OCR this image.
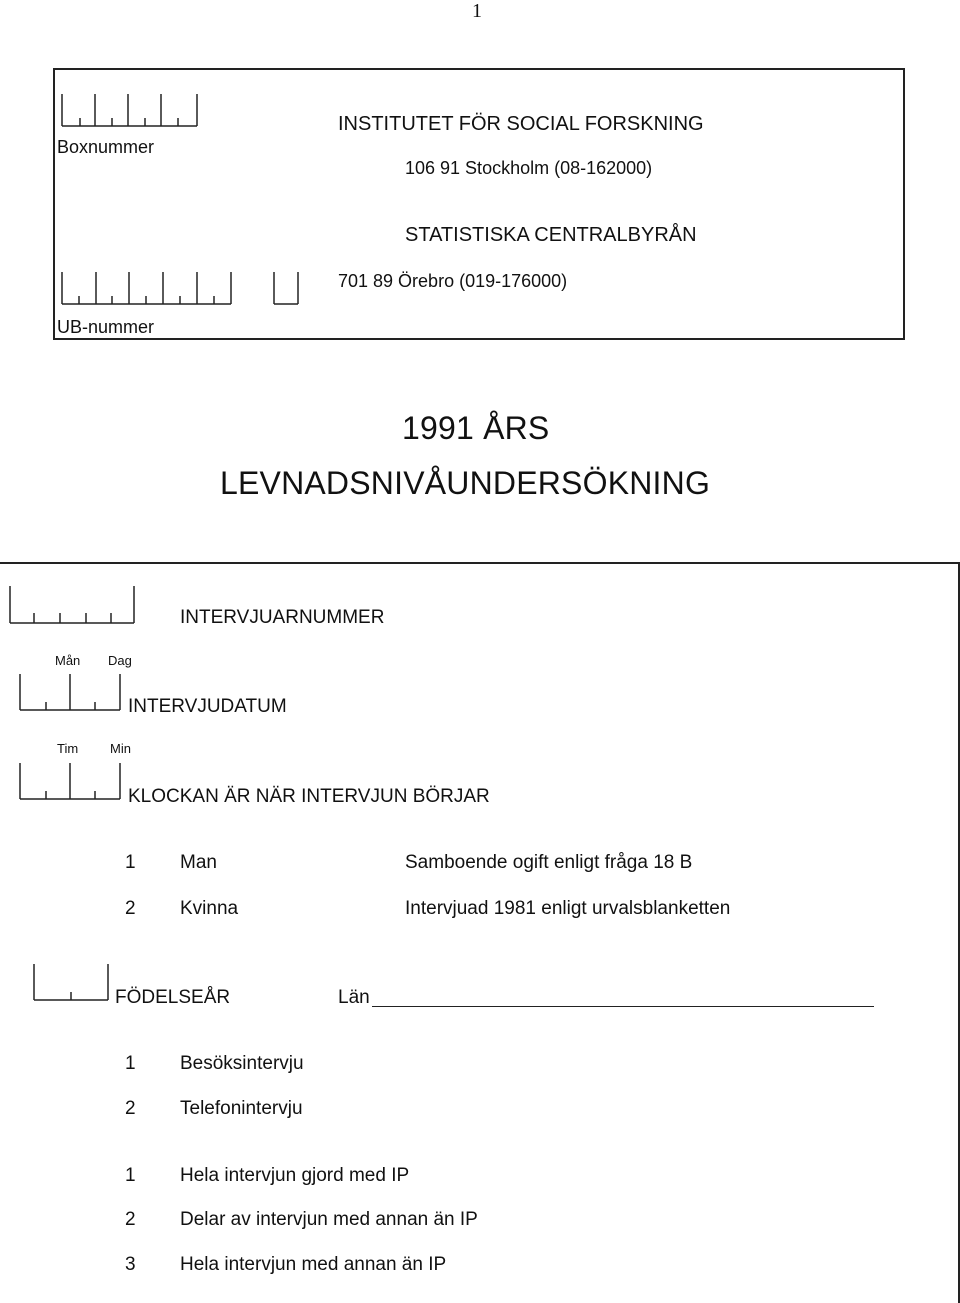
1
Boxnummer
INSTITUTET FÖR SOCIAL FORSKNING
106 91 Stockholm (08-162000)
STATISTISKA CENTRALBYRÅN
701 89 Örebro (019-176000)
UB-nummer
1991 ÅRS
LEVNADSNIVÅUNDERSÖKNING
INTERVJUARNUMMER
Mån Dag
INTERVJUDATUM
Tim Min
KLOCKAN ÄR NÄR INTERVJUN BÖRJAR
1 Man	Samboende ogift enligt fråga 18 B
2 Kvinna	Intervjuad 1981 enligt urvalsblanketten
FÖDELSEÅR	Län
1 Besöksintervju
2 Telefonintervju
1 Hela intervjun gjord med IP
2 Delar av intervjun med annan än IP
3 Hela intervjun med annan än IP
